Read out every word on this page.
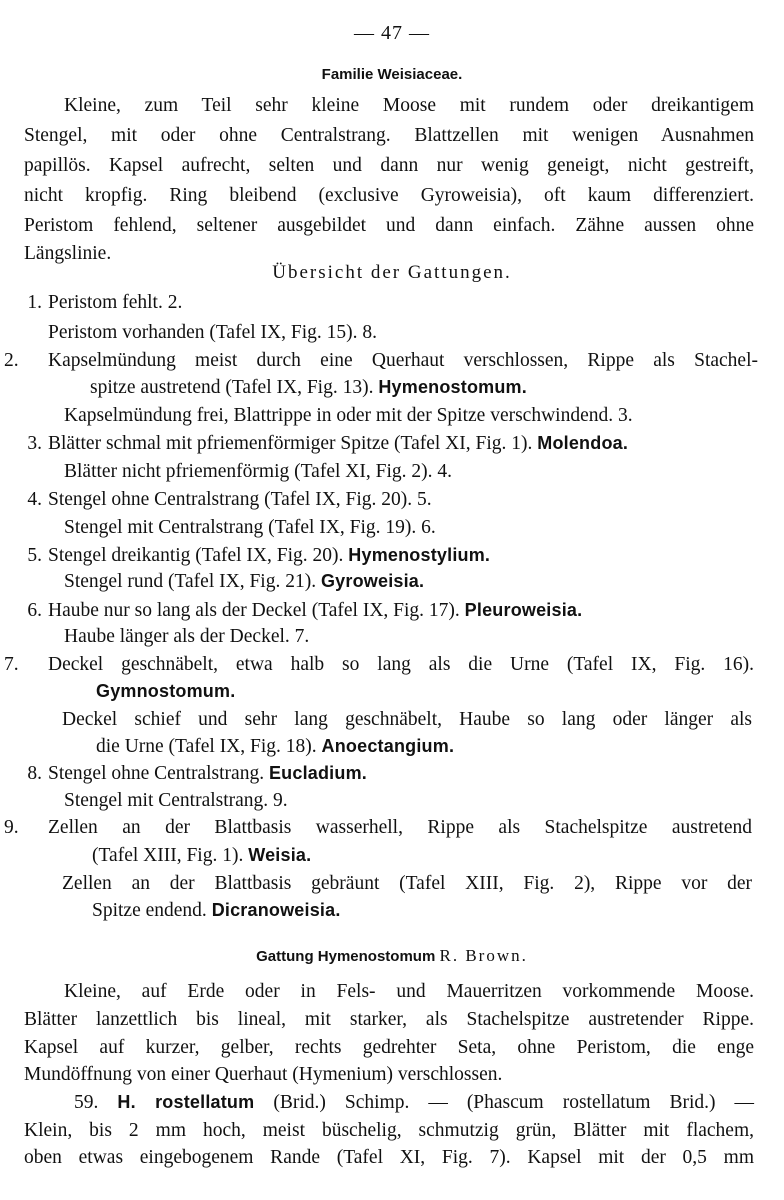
— 47 —
Familie Weisiaceae.
Kleine, zum Teil sehr kleine Moose mit rundem oder dreikantigem
Stengel, mit oder ohne Centralstrang. Blattzellen mit wenigen Ausnahmen
papillös. Kapsel aufrecht, selten und dann nur wenig geneigt, nicht gestreift,
nicht kropfig. Ring bleibend (exclusive Gyroweisia), oft kaum differenziert.
Peristom fehlend, seltener ausgebildet und dann einfach. Zähne aussen ohne
Längslinie.
Übersicht der Gattungen.
1. Peristom fehlt. 2.
Peristom vorhanden (Tafel IX, Fig. 15). 8.
2. Kapselmündung meist durch eine Querhaut verschlossen, Rippe als Stachel-
spitze austretend (Tafel IX, Fig. 13). Hymenostomum.
Kapselmündung frei, Blattrippe in oder mit der Spitze verschwindend. 3.
3. Blätter schmal mit pfriemenförmiger Spitze (Tafel XI, Fig. 1). Molendoa.
Blätter nicht pfriemenförmig (Tafel XI, Fig. 2). 4.
4. Stengel ohne Centralstrang (Tafel IX, Fig. 20). 5.
Stengel mit Centralstrang (Tafel IX, Fig. 19). 6.
5. Stengel dreikantig (Tafel IX, Fig. 20). Hymenostylium.
Stengel rund (Tafel IX, Fig. 21). Gyroweisia.
6. Haube nur so lang als der Deckel (Tafel IX, Fig. 17). Pleuroweisia.
Haube länger als der Deckel. 7.
7. Deckel geschnäbelt, etwa halb so lang als die Urne (Tafel IX, Fig. 16).
Gymnostomum.
Deckel schief und sehr lang geschnäbelt, Haube so lang oder länger als
die Urne (Tafel IX, Fig. 18). Anoectangium.
8. Stengel ohne Centralstrang. Eucladium.
Stengel mit Centralstrang. 9.
9. Zellen an der Blattbasis wasserhell, Rippe als Stachelspitze austretend
(Tafel XIII, Fig. 1). Weisia.
Zellen an der Blattbasis gebräunt (Tafel XIII, Fig. 2), Rippe vor der
Spitze endend. Dicranoweisia.
Gattung Hymenostomum R. Brown.
Kleine, auf Erde oder in Fels- und Mauerritzen vorkommende Moose.
Blätter lanzettlich bis lineal, mit starker, als Stachelspitze austretender Rippe.
Kapsel auf kurzer, gelber, rechts gedrehter Seta, ohne Peristom, die enge
Mundöffnung von einer Querhaut (Hymenium) verschlossen.
59. H. rostellatum (Brid.) Schimp. — (Phascum rostellatum Brid.) —
Klein, bis 2 mm hoch, meist büschelig, schmutzig grün, Blätter mit flachem,
oben etwas eingebogenem Rande (Tafel XI, Fig. 7). Kapsel mit der 0,5 mm
